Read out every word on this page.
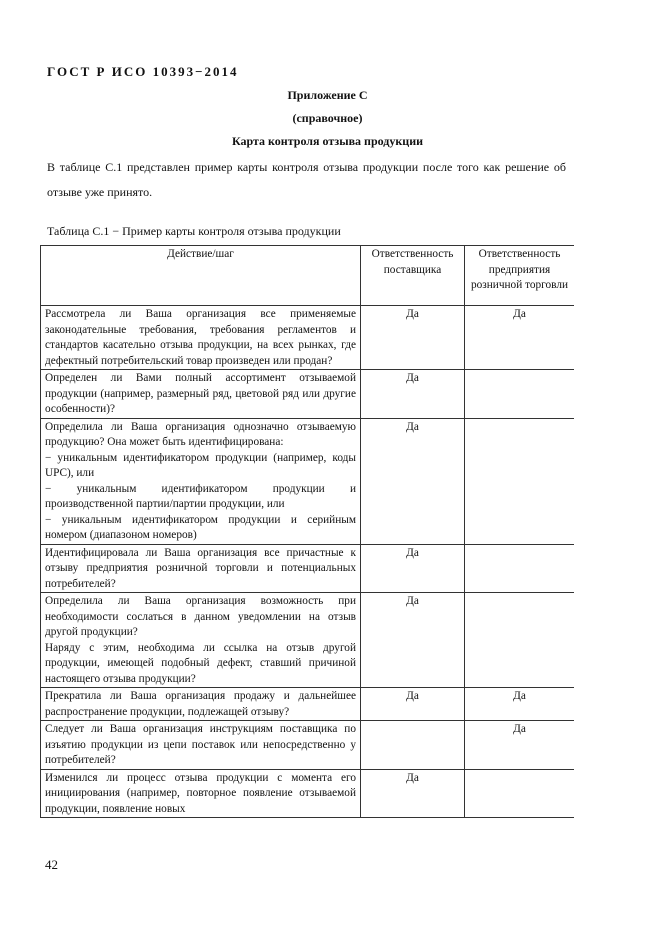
ГОСТ Р ИСО 10393−2014
Приложение С
(справочное)
Карта контроля отзыва продукции
В таблице С.1 представлен пример карты контроля отзыва продукции после того как решение об отзыве уже принято.
Таблица С.1 − Пример карты контроля отзыва продукции
Действие/шаг	Ответственность поставщика	Ответственность предприятия розничной торговли
Рассмотрела ли Ваша организация все применяемые законодательные требования, требования регламентов и стандартов касательно отзыва продукции, на всех рынках, где дефектный потребительский товар произведен или продан?	Да	Да
Определен ли Вами полный ассортимент отзываемой продукции (например, размерный ряд, цветовой ряд или другие особенности)?	Да	
Определила ли Ваша организация однозначно отзываемую продукцию? Она может быть идентифицирована:
− уникальным идентификатором продукции (например, коды UPC), или
− уникальным идентификатором продукции и производственной партии/партии продукции, или
− уникальным идентификатором продукции и серийным номером (диапазоном номеров)	Да	
Идентифицировала ли Ваша организация все причастные к отзыву предприятия розничной торговли и потенциальных потребителей?	Да	
Определила ли Ваша организация возможность при необходимости сослаться в данном уведомлении на отзыв другой продукции?
Наряду с этим, необходима ли ссылка на отзыв другой продукции, имеющей подобный дефект, ставший причиной настоящего отзыва продукции?	Да	
Прекратила ли Ваша организация продажу и дальнейшее распространение продукции, подлежащей отзыву?	Да	Да
Следует ли Ваша организация инструкциям поставщика по изъятию продукции из цепи поставок или непосредственно у потребителей?		Да
Изменился ли процесс отзыва продукции с момента его инициирования (например, повторное появление отзываемой продукции, появление новых	Да	
42
